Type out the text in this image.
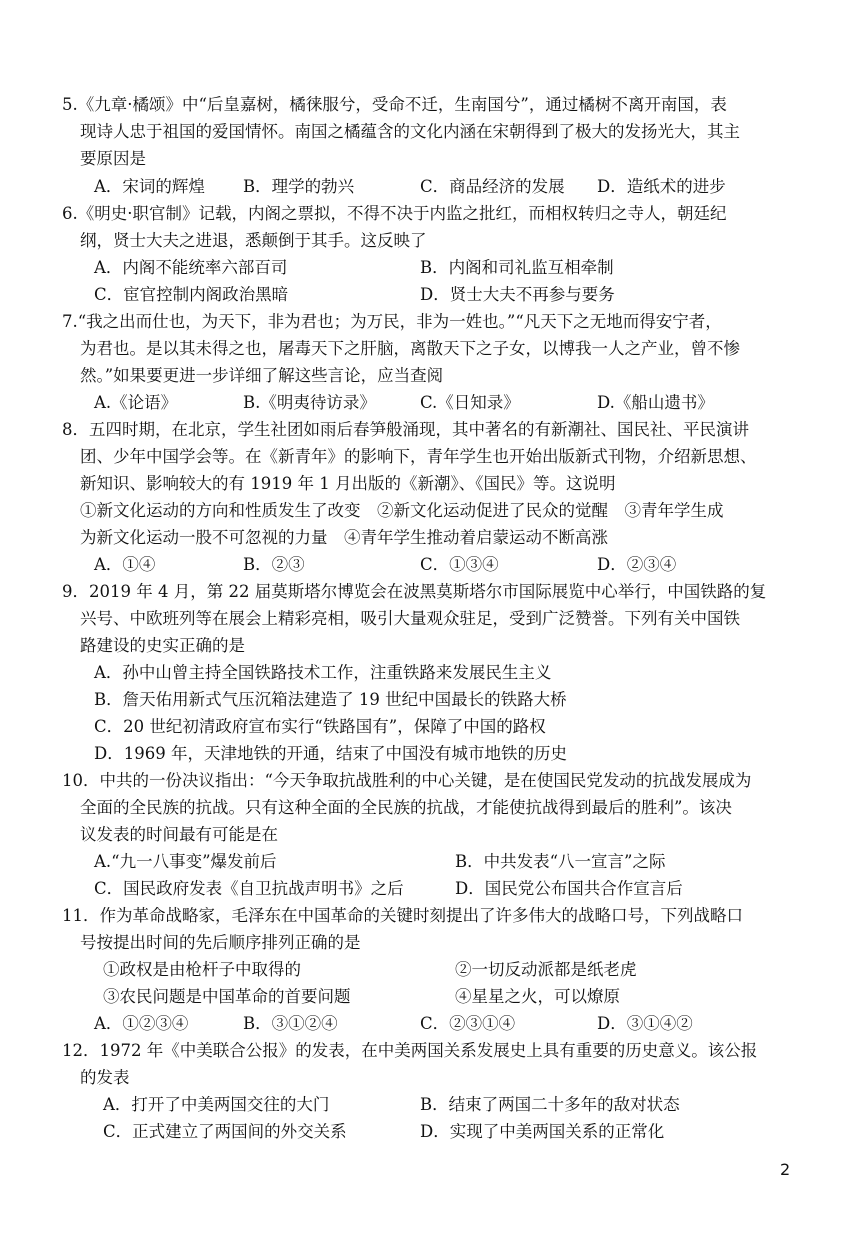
5.《九章·橘颂》中“后皇嘉树，橘徕服兮，受命不迁，生南国兮”，通过橘树不离开南国，表
现诗人忠于祖国的爱国情怀。南国之橘蕴含的文化内涵在宋朝得到了极大的发扬光大，其主
要原因是
A．宋词的辉煌 B．理学的勃兴	C．商品经济的发展 D．造纸术的进步
6.《明史·职官制》记载，内阁之票拟，不得不决于内监之批红，而相权转归之寺人，朝廷纪
纲，贤士大夫之进退，悉颠倒于其手。这反映了
A．内阁不能统率六部百司	B．内阁和司礼监互相牵制
C．宦官控制内阁政治黑暗	D．贤士大夫不再参与要务
7.“我之出而仕也，为天下，非为君也；为万民，非为一姓也。”“凡天下之无地而得安宁者，
为君也。是以其未得之也，屠毒天下之肝脑，离散天下之子女，以博我一人之产业，曾不惨
然。”如果要更进一步详细了解这些言论，应当查阅
A.《论语》	B.《明夷待访录》	C.《日知录》	D.《船山遗书》
8．五四时期，在北京，学生社团如雨后春笋般涌现，其中著名的有新潮社、国民社、平民演讲
团、少年中国学会等。在《新青年》的影响下，青年学生也开始出版新式刊物，介绍新思想、
新知识、影响较大的有 1919 年 1 月出版的《新潮》、《国民》等。这说明
①新文化运动的方向和性质发生了改变　②新文化运动促进了民众的觉醒　③青年学生成
为新文化运动一股不可忽视的力量　④青年学生推动着启蒙运动不断高涨
A．①④	B．②③	C．①③④	D．②③④
9．2019 年 4 月，第 22 届莫斯塔尔博览会在波黑莫斯塔尔市国际展览中心举行，中国铁路的复
兴号、中欧班列等在展会上精彩亮相，吸引大量观众驻足，受到广泛赞誉。下列有关中国铁
路建设的史实正确的是
A．孙中山曾主持全国铁路技术工作，注重铁路来发展民生主义
B．詹天佑用新式气压沉箱法建造了 19 世纪中国最长的铁路大桥
C．20 世纪初清政府宣布实行“铁路国有”，保障了中国的路权
D．1969 年，天津地铁的开通，结束了中国没有城市地铁的历史
10．中共的一份决议指出：“今天争取抗战胜利的中心关键，是在使国民党发动的抗战发展成为
全面的全民族的抗战。只有这种全面的全民族的抗战，才能使抗战得到最后的胜利”。该决
议发表的时间最有可能是在
A.“九一八事变”爆发前后	B．中共发表“八一宣言”之际
C．国民政府发表《自卫抗战声明书》之后	D．国民党公布国共合作宣言后
11．作为革命战略家，毛泽东在中国革命的关键时刻提出了许多伟大的战略口号，下列战略口
号按提出时间的先后顺序排列正确的是
①政权是由枪杆子中取得的	②一切反动派都是纸老虎
③农民问题是中国革命的首要问题	④星星之火，可以燎原
A．①②③④	B．③①②④	C．②③①④	D．③①④②
12．1972 年《中美联合公报》的发表，在中美两国关系发展史上具有重要的历史意义。该公报
的发表
A．打开了中美两国交往的大门	B．结束了两国二十多年的敌对状态
C．正式建立了两国间的外交关系	D．实现了中美两国关系的正常化
2
